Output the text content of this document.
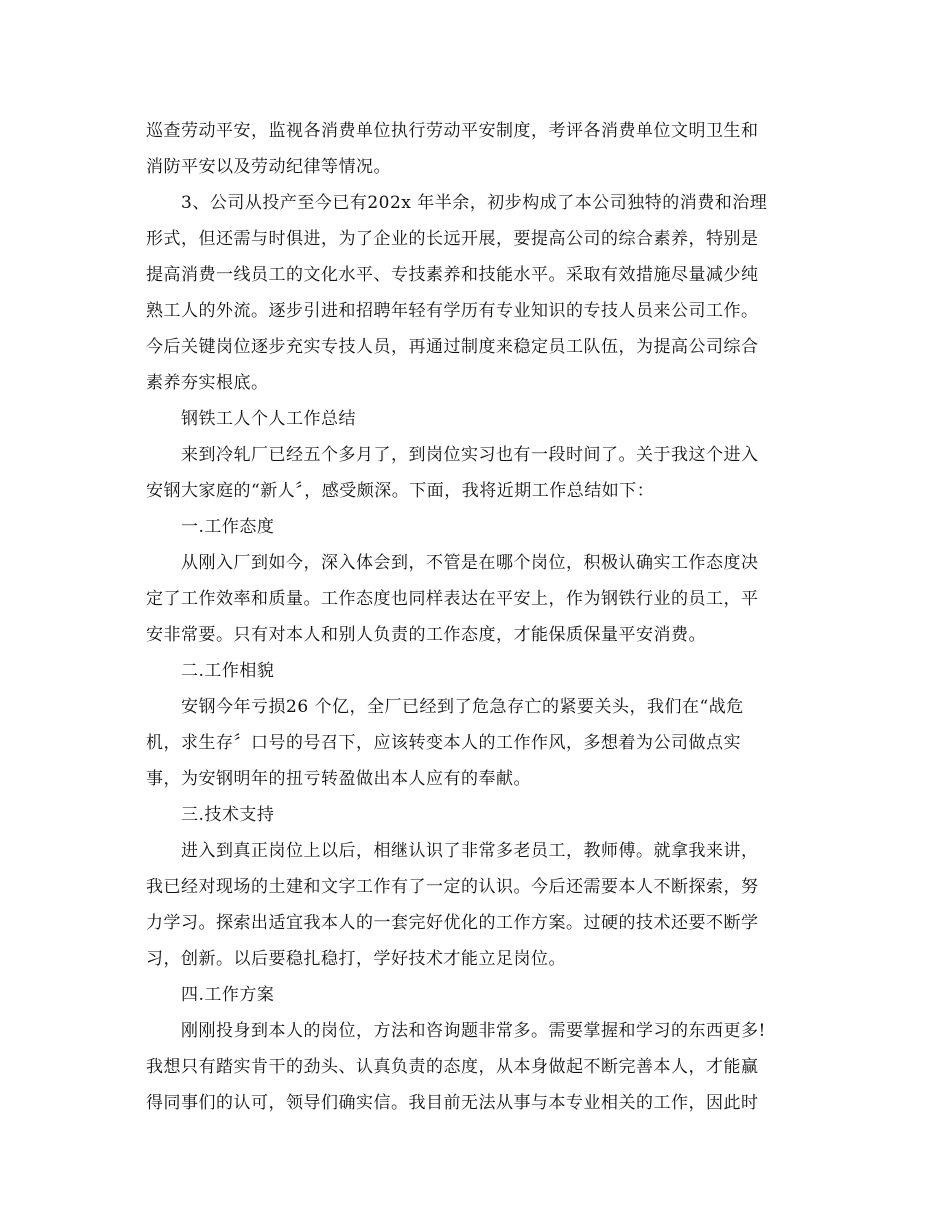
巡查劳动平安，监视各消费单位执行劳动平安制度，考评各消费单位文明卫生和
消防平安以及劳动纪律等情况。
3、公司从投产至今已有202x 年半余，初步构成了本公司独特的消费和治理
形式，但还需与时俱进，为了企业的长远开展，要提高公司的综合素养，特别是
提高消费一线员工的文化水平、专技素养和技能水平。采取有效措施尽量减少纯
熟工人的外流。逐步引进和招聘年轻有学历有专业知识的专技人员来公司工作。
今后关键岗位逐步充实专技人员，再通过制度来稳定员工队伍，为提高公司综合
素养夯实根底。
钢铁工人个人工作总结
来到冷轧厂已经五个多月了，到岗位实习也有一段时间了。关于我这个进入
安钢大家庭的“新人〞，感受颇深。下面，我将近期工作总结如下：
一.工作态度
从刚入厂到如今，深入体会到，不管是在哪个岗位，积极认确实工作态度决
定了工作效率和质量。工作态度也同样表达在平安上，作为钢铁行业的员工，平
安非常要。只有对本人和别人负责的工作态度，才能保质保量平安消费。
二.工作相貌
安钢今年亏损26 个亿，全厂已经到了危急存亡的紧要关头，我们在“战危
机，求生存〞口号的号召下，应该转变本人的工作作风，多想着为公司做点实
事，为安钢明年的扭亏转盈做出本人应有的奉献。
三.技术支持
进入到真正岗位上以后，相继认识了非常多老员工，教师傅。就拿我来讲，
我已经对现场的土建和文字工作有了一定的认识。今后还需要本人不断探索，努
力学习。探索出适宜我本人的一套完好优化的工作方案。过硬的技术还要不断学
习，创新。以后要稳扎稳打，学好技术才能立足岗位。
四.工作方案
刚刚投身到本人的岗位，方法和咨询题非常多。需要掌握和学习的东西更多!
我想只有踏实肯干的劲头、认真负责的态度，从本身做起不断完善本人，才能赢
得同事们的认可，领导们确实信。我目前无法从事与本专业相关的工作，因此时
